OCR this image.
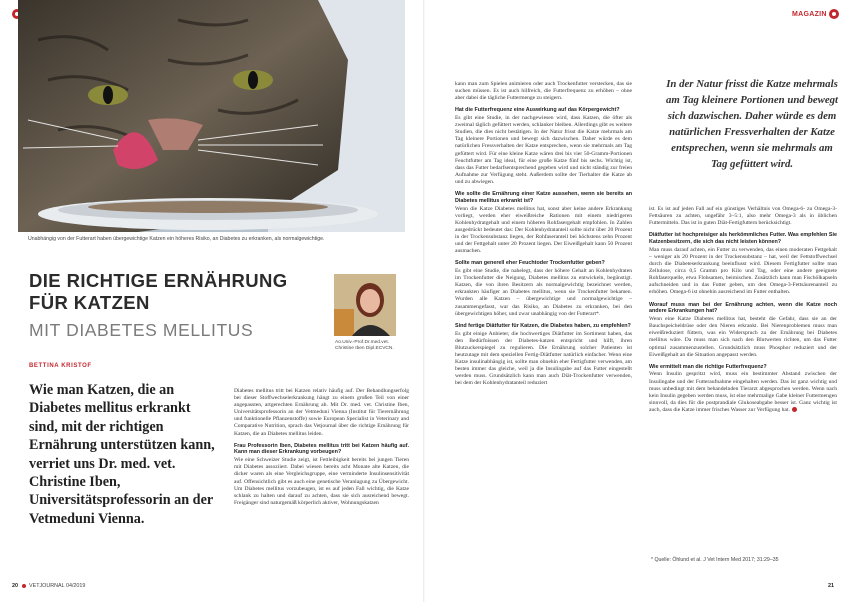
Unabhängig von der Futterart haben übergewichtige Katzen ein höheres Risiko, an Diabetes zu erkranken, als normalgewichtige.
DIE RICHTIGE ERNÄHRUNG
FÜR KATZEN
MIT DIABETES MELLITUS
BETTINA KRISTOF
Ao.Univ.-Prof.Dr.med.vet.
Christine Iben Dipl.ECVCN.
Wie man Katzen, die an Diabetes mellitus erkrankt sind, mit der richtigen Ernährung unterstützen kann, verriet uns Dr. med. vet. Christine Iben, Universitätsprofessorin an der Vetmeduni Vienna.

Diabetes mellitus tritt bei Katzen relativ häufig auf. Der Behandlungserfolg bei dieser Stoffwechselerkrankung hängt zu einem großen Teil von einer angepassten, artgerechten Ernährung ab. Mit Dr. med. vet. Christine Iben, Universitätsprofessorin an der Vetmeduni Vienna (Institut für Tierernährung und funktionelle Pflanzenstoffe) sowie European Specialist in Veterinary and Comparative Nutrition, sprach das Vetjournal über die richtige Ernährung für Katzen, die an Diabetes mellitus leiden.

Frau Professorin Iben, Diabetes mellitus tritt bei Katzen häufig auf. Kann man dieser Erkrankung vorbeugen?

Wie eine Schweizer Studie zeigt, ist Fettleibigkeit bereits bei jungen Tieren mit Diabetes assoziiert. Dabei wiesen bereits acht Monate alte Katzen, die dicker waren als eine Vergleichsgruppe, eine verminderte Insulinsensitivität auf. Offensichtlich gibt es auch eine genetische Veranlagung zu Übergewicht. Um Diabetes mellitus vorzubeugen, ist es auf jeden Fall wichtig, die Katze schlank zu halten und darauf zu achten, dass sie sich ausreichend bewegt. Freigänger sind naturgemäß körperlich aktiver, Wohnungskatzen

20 VETJOURNAL 04/2019
MAGAZIN

kann man zum Spielen animieren oder auch Trockenfutter verstecken, das sie suchen müssen. Es ist auch hilfreich, die Futterfrequenz zu erhöhen – ohne aber dabei die tägliche Futtermenge zu steigern.

Hat die Futterfrequenz eine Auswirkung auf das Körpergewicht?

Es gibt eine Studie, in der nachgewiesen wird, dass Katzen, die öfter als zweimal täglich gefüttert werden, schlanker bleiben. Allerdings gibt es weitere Studien, die dies nicht bestätigen. In der Natur frisst die Katze mehrmals am Tag kleinere Portionen und bewegt sich dazwischen. Daher würde es dem natürlichen Fressverhalten der Katze entsprechen, wenn sie mehrmals am Tag gefüttert wird. Für eine kleine Katze wären drei bis vier 50-Gramm-Portionen Feuchtfutter am Tag ideal, für eine große Katze fünf bis sechs. Wichtig ist, dass das Futter bedarfsentsprechend gegeben wird und nicht ständig zur freien Aufnahme zur Verfügung steht. Außerdem sollte der Tierhalter die Katze ab und zu abwiegen.

Wie sollte die Ernährung einer Katze aussehen, wenn sie bereits an Diabetes mellitus erkrankt ist?

Wenn die Katze Diabetes mellitus hat, sonst aber keine andere Erkrankung vorliegt, werden eher eiweißreiche Rationen mit einem niedrigeren Kohlenhydratgehalt und einem höheren Rohfasergehalt empfohlen. In Zahlen ausgedrückt bedeutet das: Der Kohlenhydratanteil sollte nicht über 20 Prozent in der Trockensubstanz liegen, der Rohfaseranteil bei höchstens zehn Prozent und der Fettgehalt unter 20 Prozent liegen. Der Eiweißgehalt kann 50 Prozent ausmachen.

Sollte man generell eher Feuchtoder Trockenfutter geben?

Es gibt eine Studie, die nahelegt, dass der höhere Gehalt an Kohlenhydraten im Trockenfutter die Neigung, Diabetes mellitus zu entwickeln, begünstigt. Katzen, die von ihren Besitzern als normalgewichtig bezeichnet werden, erkrankten häufiger an Diabetes mellitus, wenn sie Trockenfutter bekamen. Wurden alle Katzen – übergewichtige und normalgewichtige – zusammengefasst, war das Risiko, an Diabetes zu erkranken, bei den übergewichtigen höher, und zwar unabhängig von der Futterart*.

Sind fertige Diätfutter für Katzen, die Diabetes haben, zu empfehlen?

Es gibt einige Anbieter, die hochwertiges Diätfutter im Sortiment haben, das den Bedürfnissen der Diabetes-katzen entspricht und hilft, ihren Blutzuckerspiegel zu regulieren. Die Ernährung solcher Patienten ist heutzutage mit dem speziellen Fertig-Diätfutter natürlich einfacher. Wenn eine Katze insulinabhängig ist, sollte man ohnehin eher Fertigfutter verwenden, am besten immer das gleiche, weil ja die Insulingabe auf das Futter eingestellt werden muss. Grundsätzlich kann man auch Diät-Trockenfutter verwenden, bei dem der Kohlenhydratanteil reduziert

In der Natur frisst die Katze mehrmals am Tag kleinere Portionen und bewegt sich dazwischen. Daher würde es dem natürlichen Fressverhalten der Katze entsprechen, wenn sie mehrmals am Tag gefüttert wird.

ist. Es ist auf jeden Fall auf ein günstiges Verhältnis von Omega-6- zu Omega-3-Fettsäuren zu achten, ungefähr 3–5:1, also mehr Omega-3 als in üblichen Futtermitteln. Das ist in guten Diät-Fertigfuttern berücksichtigt.

Diätfutter ist hochpreisiger als herkömmliches Futter. Was empfehlen Sie Katzenbesitzern, die sich das nicht leisten können?

Man muss darauf achten, ein Futter zu verwenden, das einen moderaten Fettgehalt – weniger als 20 Prozent in der Trockensubstanz – hat, weil der Fettstoffwechsel durch die Diabeteserkrankung beeinflusst wird. Diesem Fertigfutter sollte man Zellulose, circa 0,5 Gramm pro Kilo und Tag, oder eine andere geeignete Rohfaserquelle, etwa Flohsamen, beimischen. Zusätzlich kann man Fischölkapseln aufschneiden und in das Futter geben, um den Omega-3-Fettsäurenanteil zu erhöhen. Omega-6 ist ohnehin ausreichend im Futter enthalten.

Worauf muss man bei der Ernährung achten, wenn die Katze noch andere Erkrankungen hat?

Wenn eine Katze Diabetes mellitus hat, besteht die Gefahr, dass sie an der Bauchspeicheldrüse oder den Nieren erkrankt. Bei Nierenproblemen muss man eiweißreduziert füttern, was ein Widerspruch zu der Ernährung bei Diabetes mellitus wäre. Da muss man sich nach den Blutwerten richten, um das Futter optimal zusammenzustellen. Grundsätzlich muss Phosphor reduziert und der Eiweißgehalt an die Situation angepasst werden.

Wie ermittelt man die richtige Futterfrequenz?

Wenn Insulin gespritzt wird, muss ein bestimmter Abstand zwischen der Insulingabe und der Futteraufnahme eingehalten werden. Das ist ganz wichtig und muss unbedingt mit dem behandelnden Tierarzt abgesprochen werden. Wenn nach kein Insulin gegeben werden muss, ist eine mehrmalige Gabe kleiner Futtermengen sinnvoll, da dies für die postprandiale Glukoseabgabe besser ist. Ganz wichtig ist auch, dass die Katze immer frisches Wasser zur Verfügung hat.

* Quelle: Öhlund et al. J Vet Intern Med 2017; 31:29–35
21
